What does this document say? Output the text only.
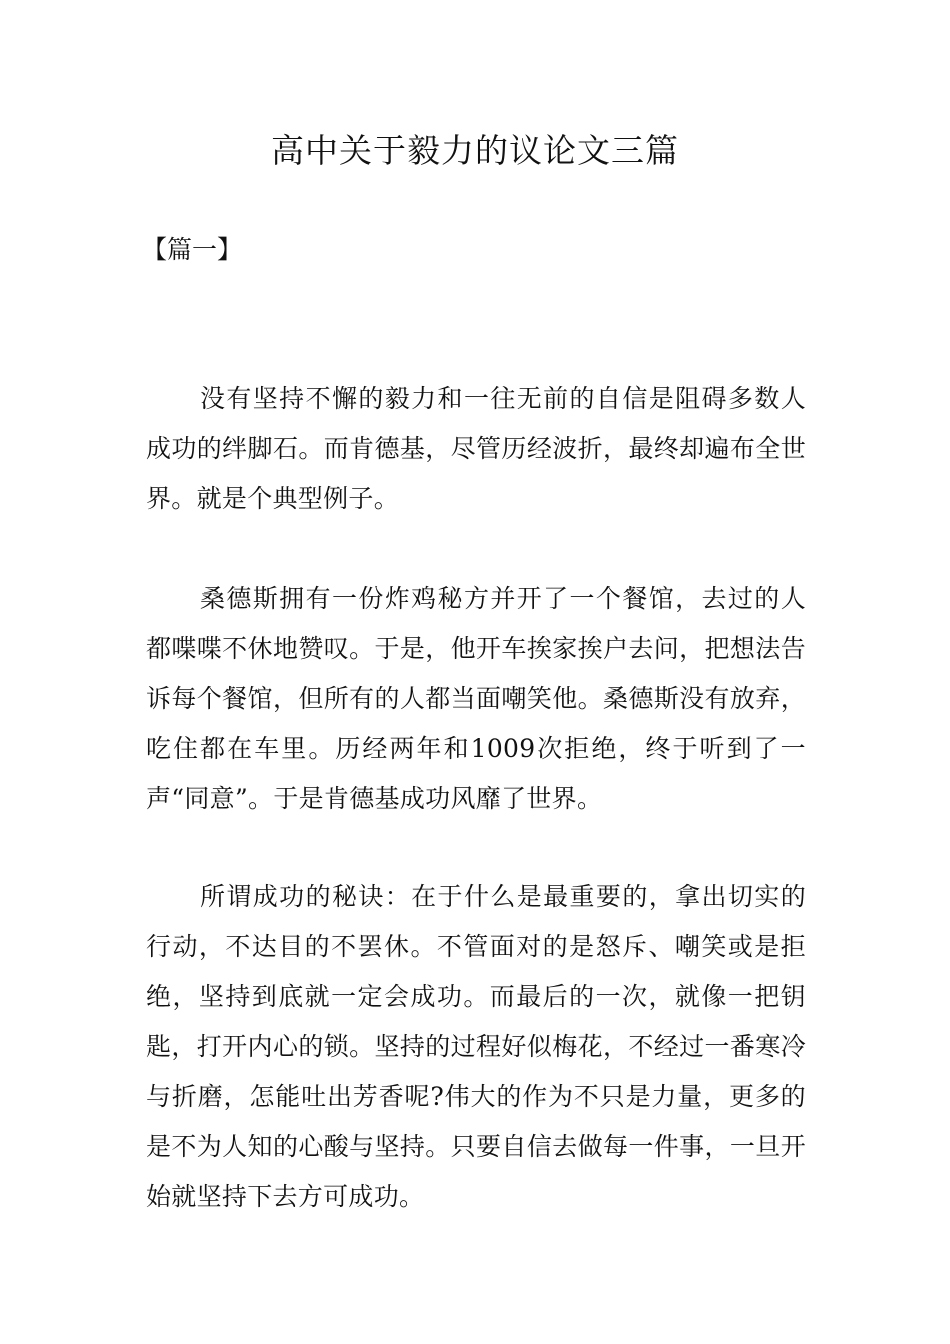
高中关于毅力的议论文三篇

【篇一】

没有坚持不懈的毅力和一往无前的自信是阻碍多数人成功的绊脚石。而肯德基，尽管历经波折，最终却遍布全世界。就是个典型例子。

桑德斯拥有一份炸鸡秘方并开了一个餐馆，去过的人都喋喋不休地赞叹。于是，他开车挨家挨户去问，把想法告诉每个餐馆，但所有的人都当面嘲笑他。桑德斯没有放弃，吃住都在车里。历经两年和1009次拒绝，终于听到了一声“同意”。于是肯德基成功风靡了世界。

所谓成功的秘诀：在于什么是最重要的，拿出切实的行动，不达目的不罢休。不管面对的是怒斥、嘲笑或是拒绝，坚持到底就一定会成功。而最后的一次，就像一把钥匙，打开内心的锁。坚持的过程好似梅花，不经过一番寒冷与折磨，怎能吐出芳香呢?伟大的作为不只是力量，更多的是不为人知的心酸与坚持。只要自信去做每一件事，一旦开始就坚持下去方可成功。
